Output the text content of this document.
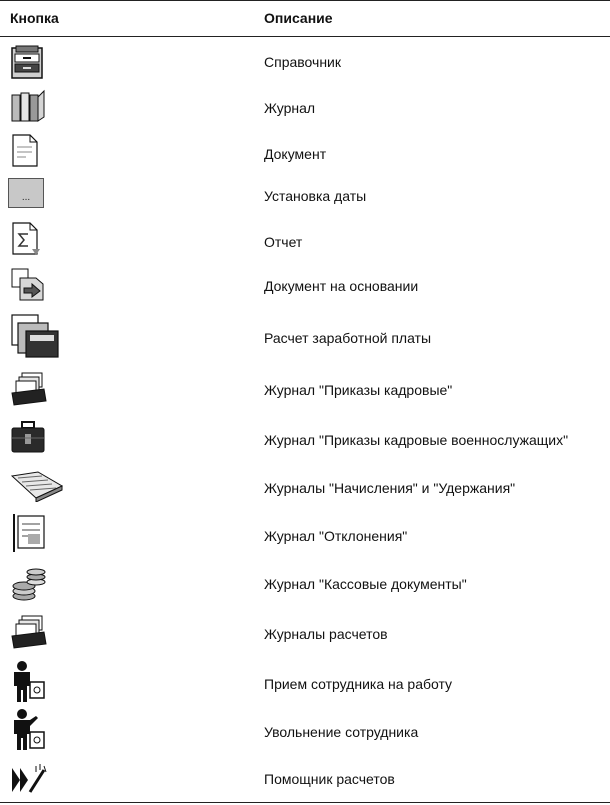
Кнопка	Описание
Справочник
Журнал
Документ
...	Установка даты
Отчет
Документ на основании
Расчет заработной платы
Журнал "Приказы кадровые"
Журнал "Приказы кадровые военнослужащих"
Журналы "Начисления" и "Удержания"
Журнал "Отклонения"
Журнал "Кассовые документы"
Журналы расчетов
Прием сотрудника на работу
Увольнение сотрудника
Помощник расчетов
